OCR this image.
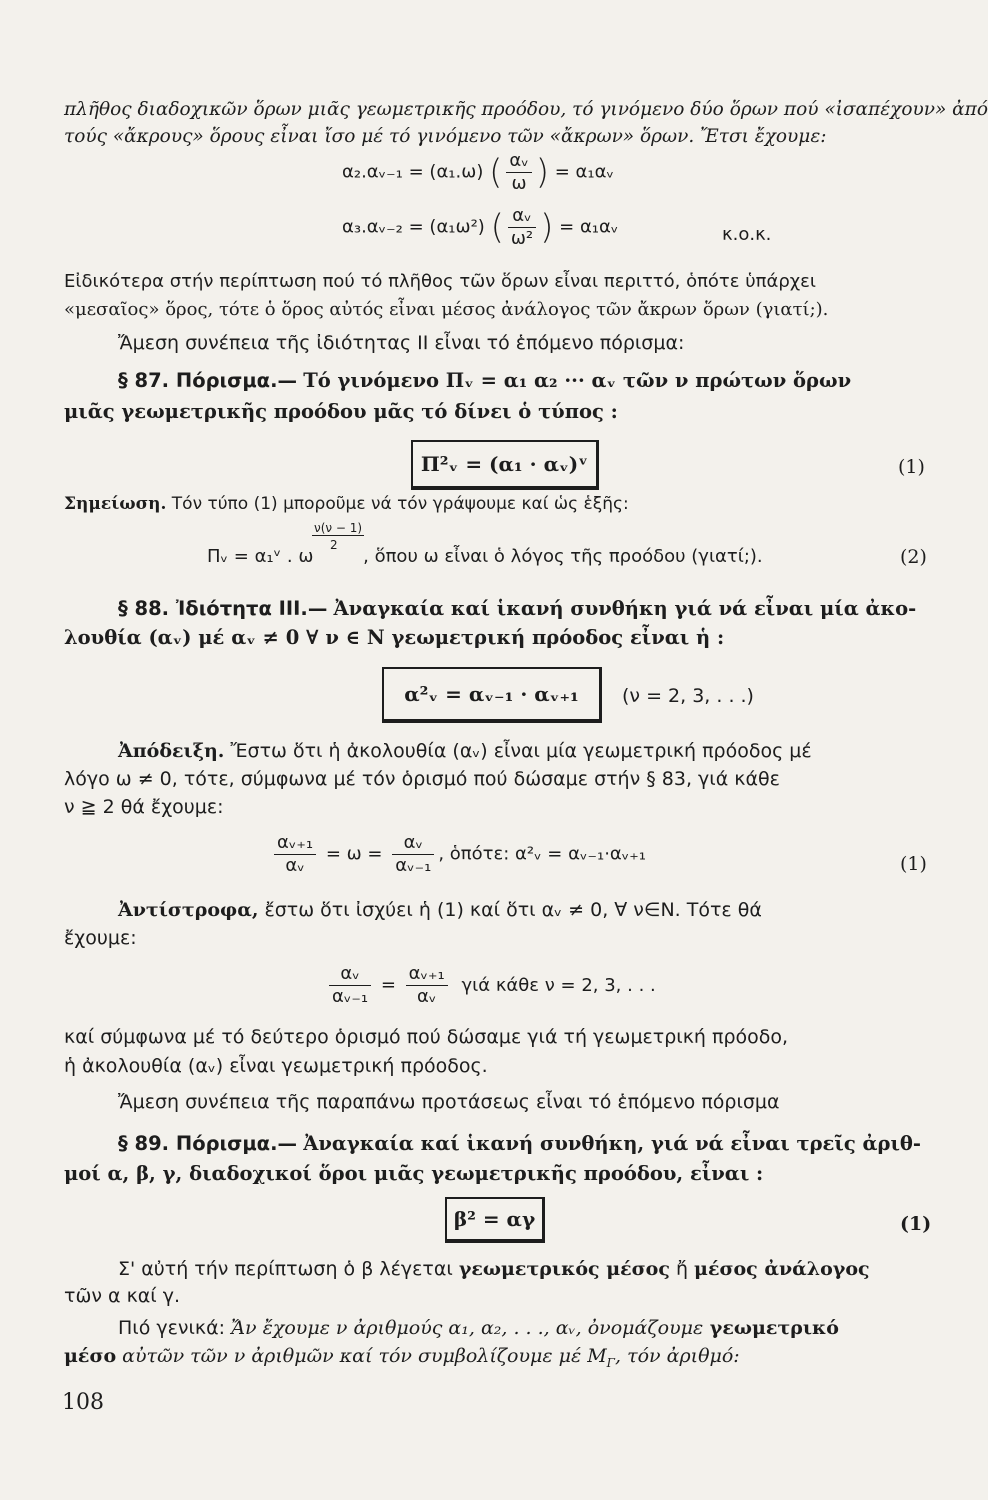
πλῆθος διαδοχικῶν ὅρων μιᾶς γεωμετρικῆς προόδου, τό γινόμενο δύο ὅρων πού «ἰσαπέχουν» ἀπό
τούς «ἄκρους» ὅρους εἶναι ἴσο μέ τό γινόμενο τῶν «ἄκρων» ὅρων. Ἔτσι ἔχουμε:
α₂.αᵥ₋₁ = (α₁.ω) ( $\frac{\text{αᵥ}}{\omega}$ ) = α₁αᵥ
α₃.αᵥ₋₂ = (α₁ω²) ( $\frac{\text{αᵥ}}{\text{ω²}}$ ) = α₁αᵥ	κ.ο.κ.
Εἰδικότερα στήν περίπτωση πού τό πλῆθος τῶν ὅρων εἶναι περιττό, ὁπότε ὑπάρχει
«μεσαῖος» ὅρος, τότε ὁ ὅρος αὐτός εἶναι μέσος ἀνάλογος τῶν ἄκρων ὅρων (γιατί;).
Ἄμεση συνέπεια τῆς ἰδιότητας ΙΙ εἶναι τό ἑπόμενο πόρισμα:
§ 87. Πόρισμα.— Τό γινόμενο Πᵥ = α₁ α₂ ··· αᵥ τῶν ν πρώτων ὅρων
μιᾶς γεωμετρικῆς προόδου μᾶς τό δίνει ὁ τύπος :
Π²ᵥ = (α₁ · αᵥ)ᵛ	(1)
Σημείωση. Τόν τύπο (1) μποροῦμε νά τόν γράψουμε καί ὡς ἑξῆς:
ν(ν − 1)
2
Πᵥ = α₁ᵛ . ω	, ὅπου ω εἶναι ὁ λόγος τῆς προόδου (γιατί;).	(2)
§ 88. Ἰδιότητα ΙΙΙ.— Ἀναγκαία καί ἱκανή συνθήκη γιά νά εἶναι μία ἀκο-
λουθία (αᵥ) μέ αᵥ ≠ 0 ∀ ν ∈ N γεωμετρική πρόοδος εἶναι ἡ :
α²ᵥ = αᵥ₋₁ · αᵥ₊₁	(ν = 2, 3, . . .)
Ἀπόδειξη. Ἔστω ὅτι ἡ ἀκολουθία (αᵥ) εἶναι μία γεωμετρική πρόοδος μέ
λόγο ω ≠ 0, τότε, σύμφωνα μέ τόν ὁρισμό πού δώσαμε στήν § 83, γιά κάθε
ν ≧ 2 θά ἔχουμε:
$\frac{\text{αᵥ₊₁}}{\text{αᵥ}} = \omega = \frac{\text{αᵥ}}{\text{αᵥ₋₁}}$ , ὁπότε: α²ᵥ = αᵥ₋₁·αᵥ₊₁	(1)
Ἀντίστροφα, ἔστω ὅτι ἰσχύει ἡ (1) καί ὅτι αᵥ ≠ 0, ∀ ν∈N. Τότε θά
ἔχουμε:
$\frac{\text{αᵥ}}{\text{αᵥ₋₁}} = \frac{\text{αᵥ₊₁}}{\text{αᵥ}}$ γιά κάθε ν = 2, 3, . . .
καί σύμφωνα μέ τό δεύτερο ὁρισμό πού δώσαμε γιά τή γεωμετρική πρόοδο,
ἡ ἀκολουθία (αᵥ) εἶναι γεωμετρική πρόοδος.
Ἄμεση συνέπεια τῆς παραπάνω προτάσεως εἶναι τό ἑπόμενο πόρισμα
§ 89. Πόρισμα.— Ἀναγκαία καί ἱκανή συνθήκη, γιά νά εἶναι τρεῖς ἀριθ-
μοί α, β, γ, διαδοχικοί ὅροι μιᾶς γεωμετρικῆς προόδου, εἶναι :
β² = αγ	(1)
Σ' αὐτή τήν περίπτωση ὁ β λέγεται γεωμετρικός μέσος ἤ μέσος ἀνάλογος
τῶν α καί γ.
Πιό γενικά: Ἄν ἔχουμε ν ἀριθμούς α₁, α₂, . . ., αᵥ, ὀνομάζουμε γεωμετρικό
μέσο αὐτῶν τῶν ν ἀριθμῶν καί τόν συμβολίζουμε μέ $M_\Gamma$, τόν ἀριθμό:
108
